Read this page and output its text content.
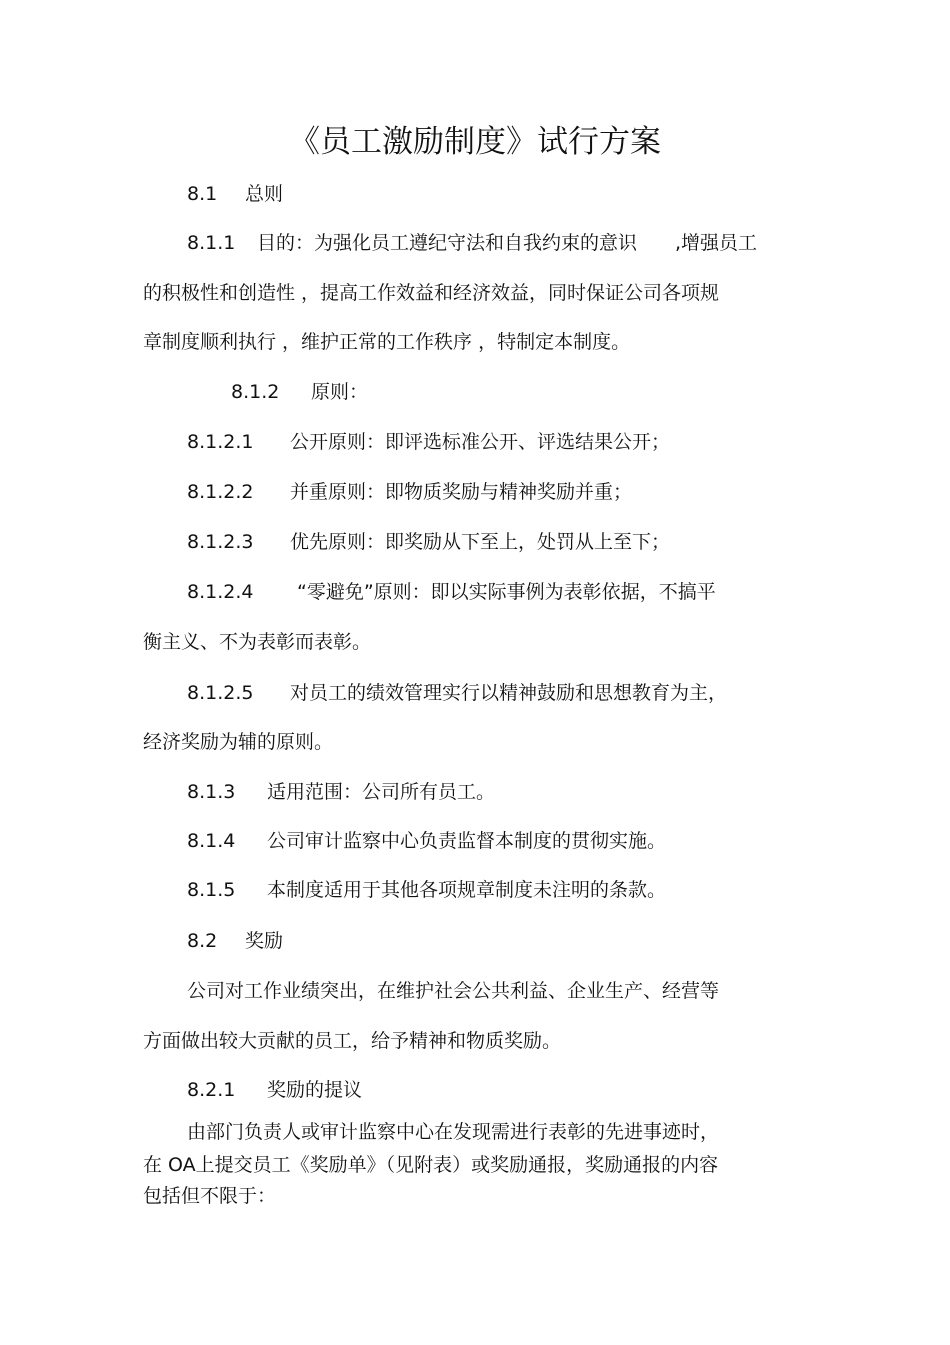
《员工激励制度》试行方案
8.1 总则
8.1.1 目的：为强化员工遵纪守法和自我约束的意识　　,增强员工
的积极性和创造性 ，提高工作效益和经济效益，同时保证公司各项规
章制度顺利执行 ，维护正常的工作秩序 ，特制定本制度。
8.1.2 原则：
8.1.2.1 公开原则：即评选标准公开、评选结果公开；
8.1.2.2 并重原则：即物质奖励与精神奖励并重；
8.1.2.3 优先原则：即奖励从下至上，处罚从上至下；
8.1.2.4 “零避免”原则：即以实际事例为表彰依据，不搞平
衡主义、不为表彰而表彰。
8.1.2.5 对员工的绩效管理实行以精神鼓励和思想教育为主，
经济奖励为辅的原则。
8.1.3 适用范围：公司所有员工。
8.1.4 公司审计监察中心负责监督本制度的贯彻实施。
8.1.5 本制度适用于其他各项规章制度未注明的条款。
8.2 奖励
公司对工作业绩突出，在维护社会公共利益、企业生产、经营等
方面做出较大贡献的员工，给予精神和物质奖励。
8.2.1 奖励的提议
由部门负责人或审计监察中心在发现需进行表彰的先进事迹时，
在 OA上提交员工《奖励单》（见附表）或奖励通报，奖励通报的内容
包括但不限于：
